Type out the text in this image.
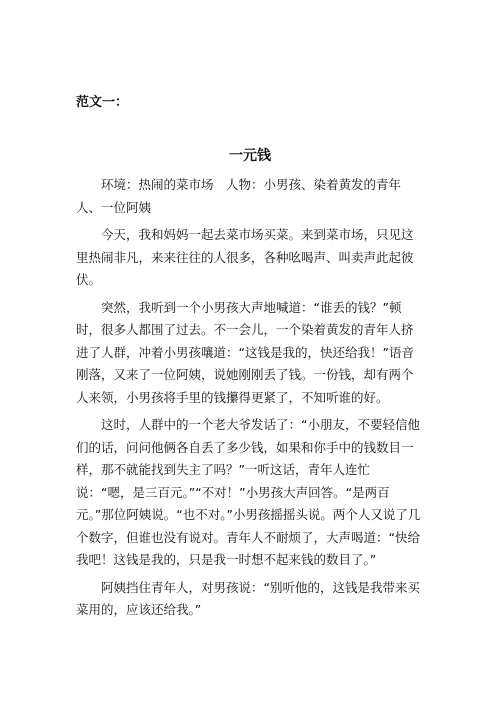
范文一：
一元钱

环境：热闹的菜市场　人物：小男孩、染着黄发的青年人、一位阿姨

今天，我和妈妈一起去菜市场买菜。来到菜市场，只见这里热闹非凡，来来往往的人很多，各种吆喝声、叫卖声此起彼伏。

突然，我听到一个小男孩大声地喊道：“谁丢的钱？”顿时，很多人都围了过去。不一会儿，一个染着黄发的青年人挤进了人群，冲着小男孩嚷道：“这钱是我的，快还给我！”语音刚落，又来了一位阿姨，说她刚刚丢了钱。一份钱，却有两个人来领，小男孩将手里的钱攥得更紧了，不知听谁的好。

这时，人群中的一个老大爷发话了：“小朋友，不要轻信他们的话，问问他俩各自丢了多少钱，如果和你手中的钱数目一样，那不就能找到失主了吗？”一听这话，青年人连忙说：“嗯，是三百元。”“不对！”小男孩大声回答。“是两百元。”那位阿姨说。“也不对。”小男孩摇摇头说。两个人又说了几个数字，但谁也没有说对。青年人不耐烦了，大声喝道：“快给我吧！这钱是我的，只是我一时想不起来钱的数目了。”

阿姨挡住青年人，对男孩说：“别听他的，这钱是我带来买菜用的，应该还给我。”
